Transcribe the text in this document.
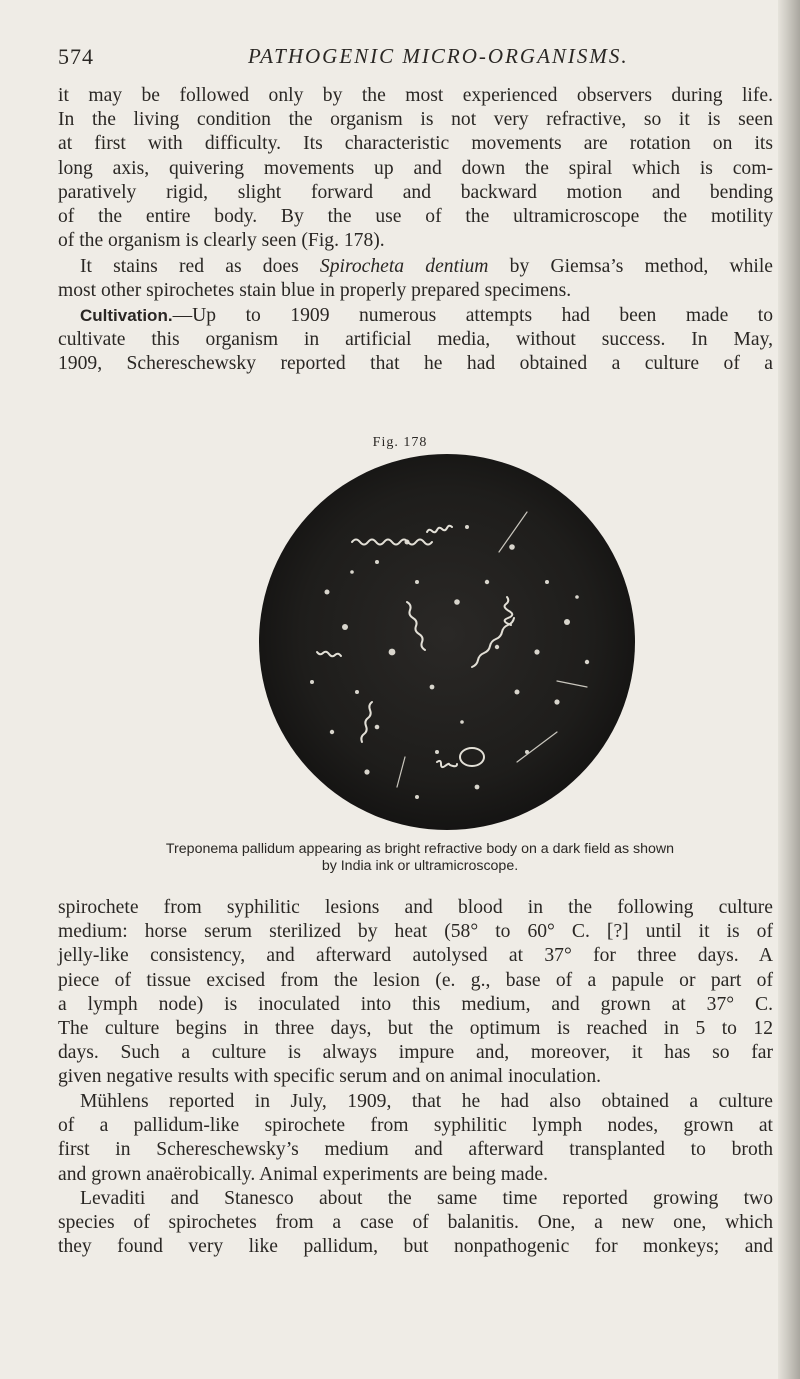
574	PATHOGENIC MICRO-ORGANISMS.

it may be followed only by the most experienced observers during life.
In the living condition the organism is not very refractive, so it is seen
at first with difficulty. Its characteristic movements are rotation on its
long axis, quivering movements up and down the spiral which is com-
paratively rigid, slight forward and backward motion and bending
of the entire body. By the use of the ultramicroscope the motility
of the organism is clearly seen (Fig. 178).

It stains red as does Spirocheta dentium by Giemsa’s method, while
most other spirochetes stain blue in properly prepared specimens.

Cultivation.—Up to 1909 numerous attempts had been made to
cultivate this organism in artificial media, without success. In May,
1909, Schereschewsky reported that he had obtained a culture of a

Fig. 178
Treponema pallidum appearing as bright refractive body on a dark field as shown
by India ink or ultramicroscope.

spirochete from syphilitic lesions and blood in the following culture
medium: horse serum sterilized by heat (58° to 60° C. [?] until it is of
jelly-like consistency, and afterward autolysed at 37° for three days. A
piece of tissue excised from the lesion (e. g., base of a papule or part of
a lymph node) is inoculated into this medium, and grown at 37° C.
The culture begins in three days, but the optimum is reached in 5 to 12
days. Such a culture is always impure and, moreover, it has so far
given negative results with specific serum and on animal inoculation.

Mühlens reported in July, 1909, that he had also obtained a culture
of a pallidum-like spirochete from syphilitic lymph nodes, grown at
first in Schereschewsky’s medium and afterward transplanted to broth
and grown anaërobically. Animal experiments are being made.

Levaditi and Stanesco about the same time reported growing two
species of spirochetes from a case of balanitis. One, a new one, which
they found very like pallidum, but nonpathogenic for monkeys; and
